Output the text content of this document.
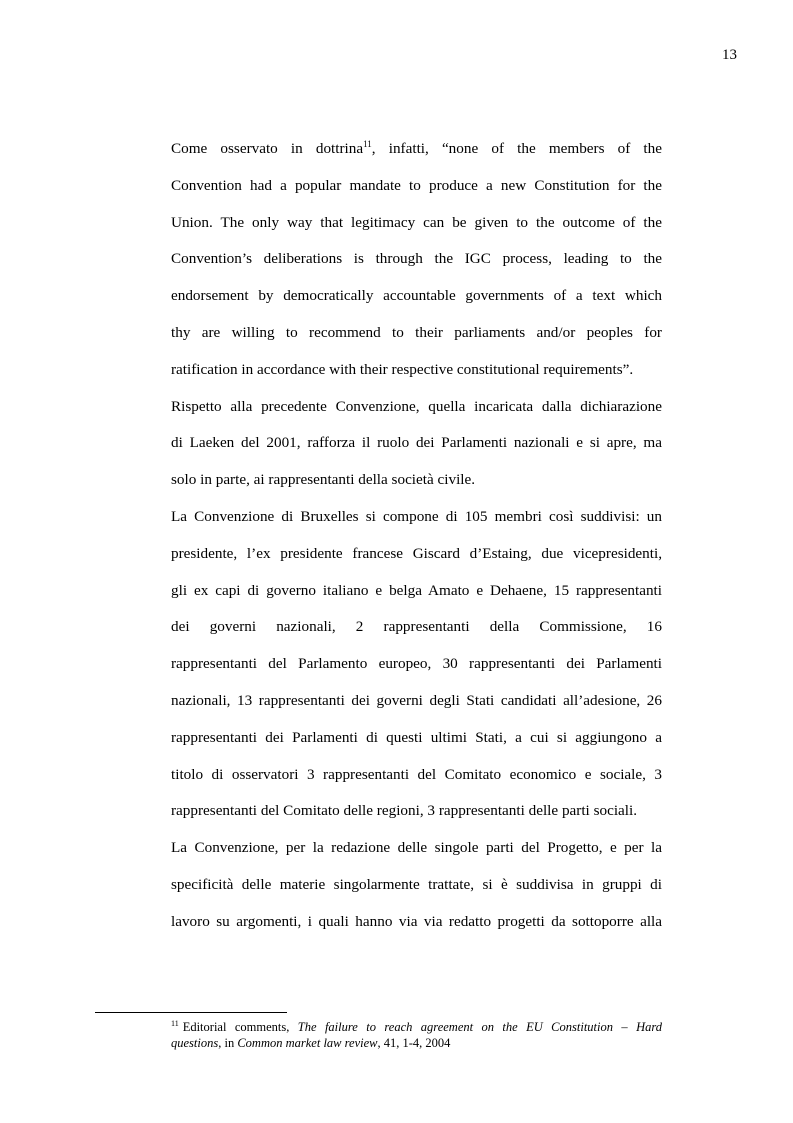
13
Come osservato in dottrina$^{11}$, infatti, “none of the members of the
Convention had a popular mandate to produce a new Constitution for the
Union. The only way that legitimacy can be given to the outcome of the
Convention’s deliberations is through the IGC process, leading to the
endorsement by democratically accountable governments of a text which
thy are willing to recommend to their parliaments and/or peoples for
ratification in accordance with their respective constitutional requirements”.
Rispetto alla precedente Convenzione, quella incaricata dalla dichiarazione
di Laeken del 2001, rafforza il ruolo dei Parlamenti nazionali e si apre, ma
solo in parte, ai rappresentanti della società civile.
La Convenzione di Bruxelles si compone di 105 membri così suddivisi: un
presidente, l’ex presidente francese Giscard d’Estaing, due vicepresidenti,
gli ex capi di governo italiano e belga Amato e Dehaene, 15 rappresentanti
dei governi nazionali, 2 rappresentanti della Commissione, 16
rappresentanti del Parlamento europeo, 30 rappresentanti dei Parlamenti
nazionali, 13 rappresentanti dei governi degli Stati candidati all’adesione, 26
rappresentanti dei Parlamenti di questi ultimi Stati, a cui si aggiungono a
titolo di osservatori 3 rappresentanti del Comitato economico e sociale, 3
rappresentanti del Comitato delle regioni, 3 rappresentanti delle parti sociali.
La Convenzione, per la redazione delle singole parti del Progetto, e per la
specificità delle materie singolarmente trattate, si è suddivisa in gruppi di
lavoro su argomenti, i quali hanno via via redatto progetti da sottoporre alla
$^{11}$ Editorial comments, The failure to reach agreement on the EU Constitution – Hard
questions, in Common market law review, 41, 1-4, 2004
